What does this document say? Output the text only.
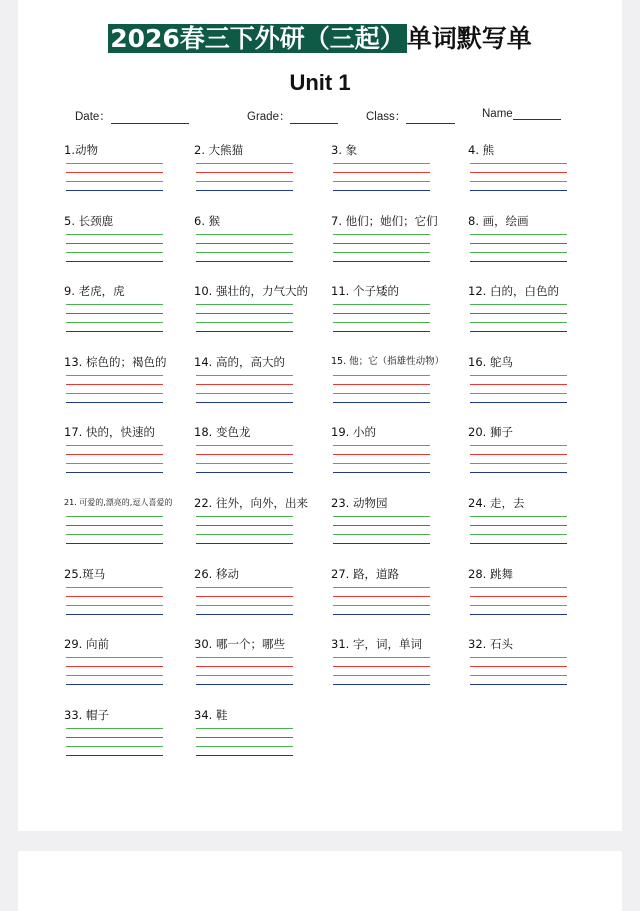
2026春三下外研（三起）单词默写单
Unit 1
Date：	Grade：	Class：	Name
1.动物	2. 大熊猫	3. 象	4. 熊
5. 长颈鹿	6. 猴	7. 他们；她们；它们	8. 画，绘画
9. 老虎，虎	10. 强壮的，力气大的	11. 个子矮的	12. 白的，白色的
13. 棕色的；褐色的	14. 高的，高大的	15. 他；它（指雄性动物）	16. 鸵鸟
17. 快的，快速的	18. 变色龙	19. 小的	20. 狮子
21. 可爱的,漂亮的,逗人喜爱的	22. 往外，向外，出来	23. 动物园	24. 走，去
25.斑马	26. 移动	27. 路，道路	28. 跳舞
29. 向前	30. 哪一个；哪些	31. 字，词，单词	32. 石头
33. 帽子	34. 鞋
